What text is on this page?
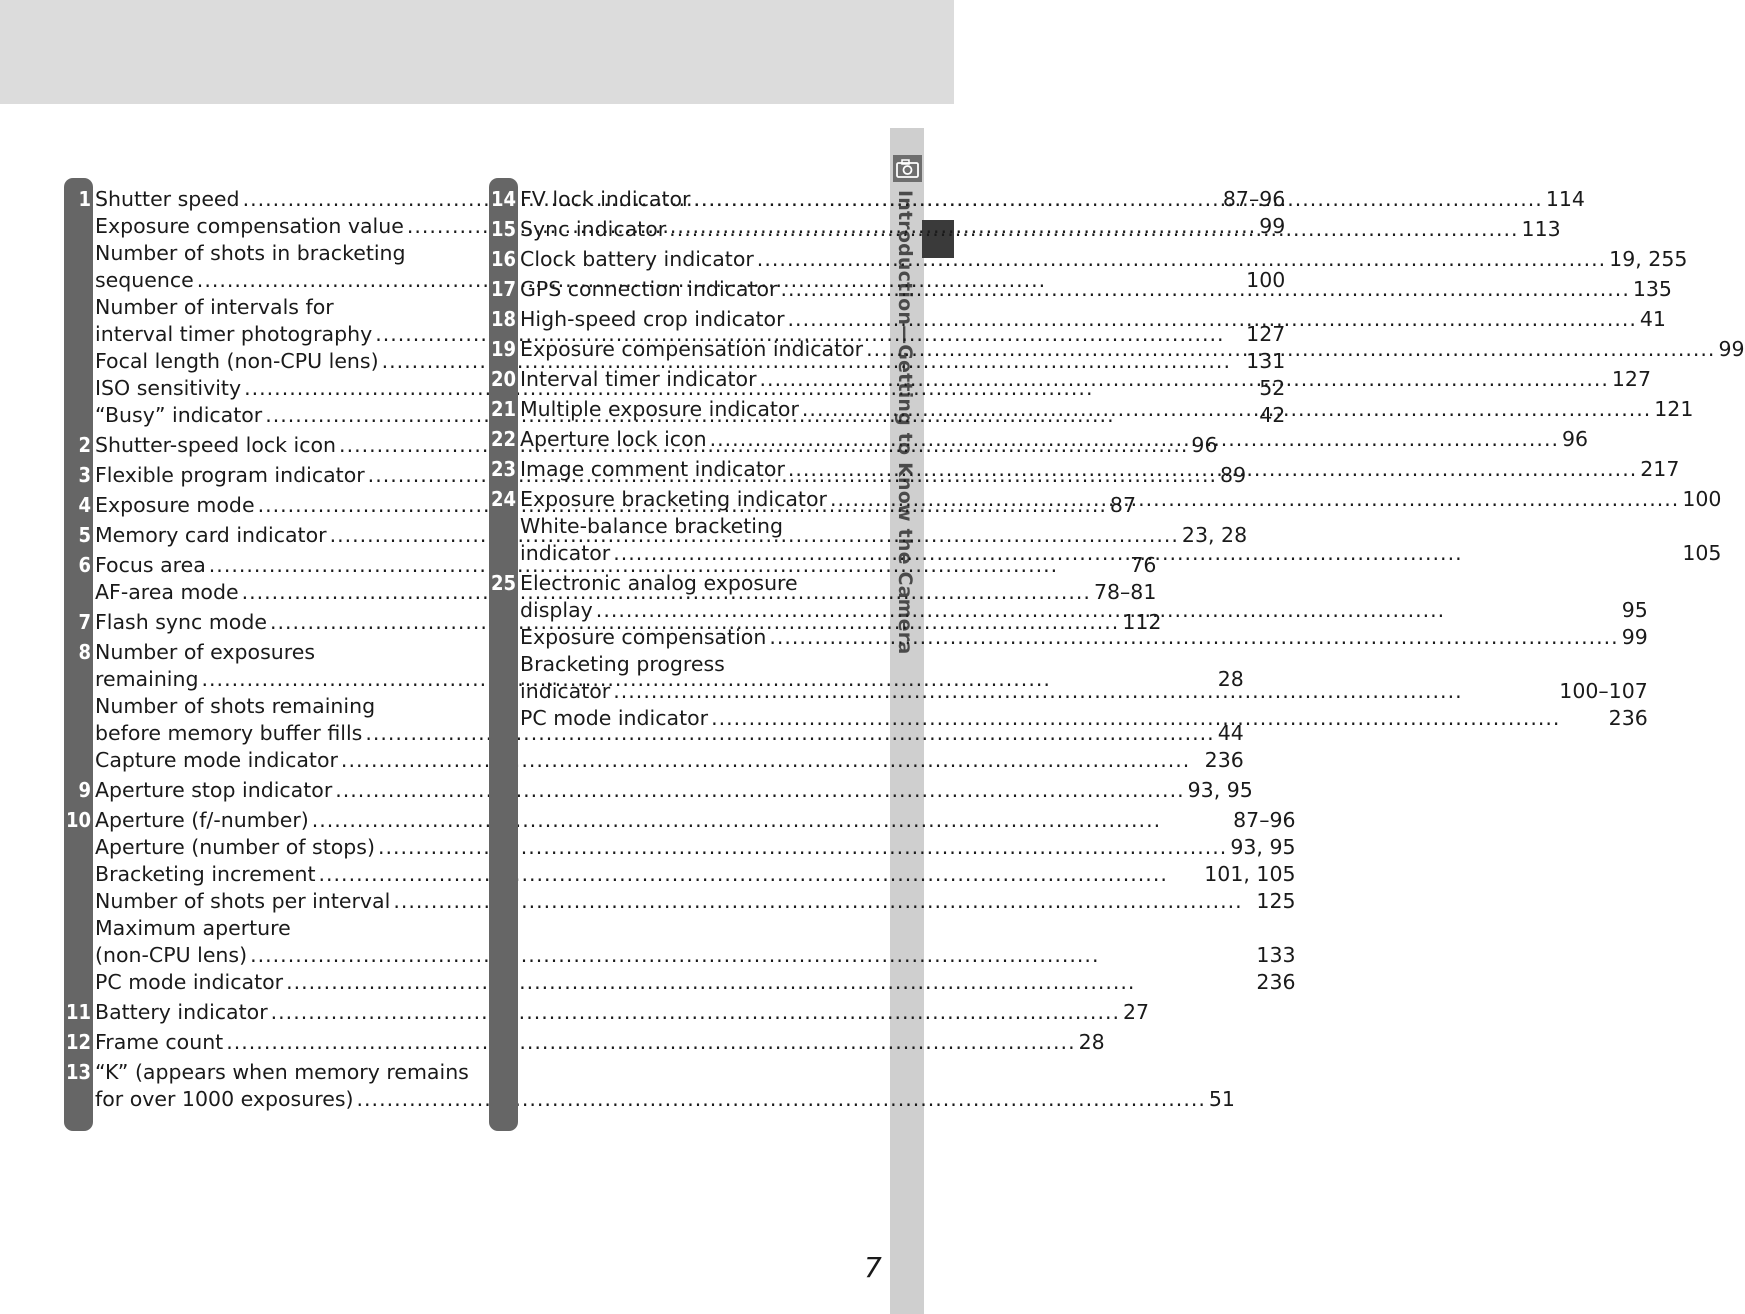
Introduction—Getting to Know the Camera
1 Shutter speed .....	87–96
Exposure compensation value .....	99
Number of shots in bracketing
sequence .....	100
Number of intervals for
interval timer photography .....	127
Focal length (non-CPU lens) .....	131
ISO sensitivity .....	52
“Busy” indicator .....	42
2 Shutter-speed lock icon .....	96
3 Flexible program indicator .....	89
4 Exposure mode .....	87
5 Memory card indicator .....	23, 28
6 Focus area .....	76
AF-area mode .....	78–81
7 Flash sync mode .....	112
8 Number of exposures
remaining .....	28
Number of shots remaining
before memory buffer fills .....	44
Capture mode indicator .....	236
9 Aperture stop indicator .....	93, 95
10 Aperture (f/-number) .....	87–96
Aperture (number of stops) .....	93, 95
Bracketing increment .....	101, 105
Number of shots per interval .....	125
Maximum aperture
(non-CPU lens) .....	133
PC mode indicator .....	236
11 Battery indicator .....	27
12 Frame count .....	28
13 “K” (appears when memory remains
for over 1000 exposures) .....	51
14 FV lock indicator .....	114
15 Sync indicator .....	113
16 Clock battery indicator .....	19, 255
17 GPS connection indicator .....	135
18 High-speed crop indicator .....	41
19 Exposure compensation indicator .....	99
20 Interval timer indicator .....	127
21 Multiple exposure indicator .....	121
22 Aperture lock icon .....	96
23 Image comment indicator .....	217
24 Exposure bracketing indicator .....	100
White-balance bracketing
indicator .....	105
25 Electronic analog exposure
display .....	95
Exposure compensation .....	99
Bracketing progress
indicator .....	100–107
PC mode indicator .....	236
7
